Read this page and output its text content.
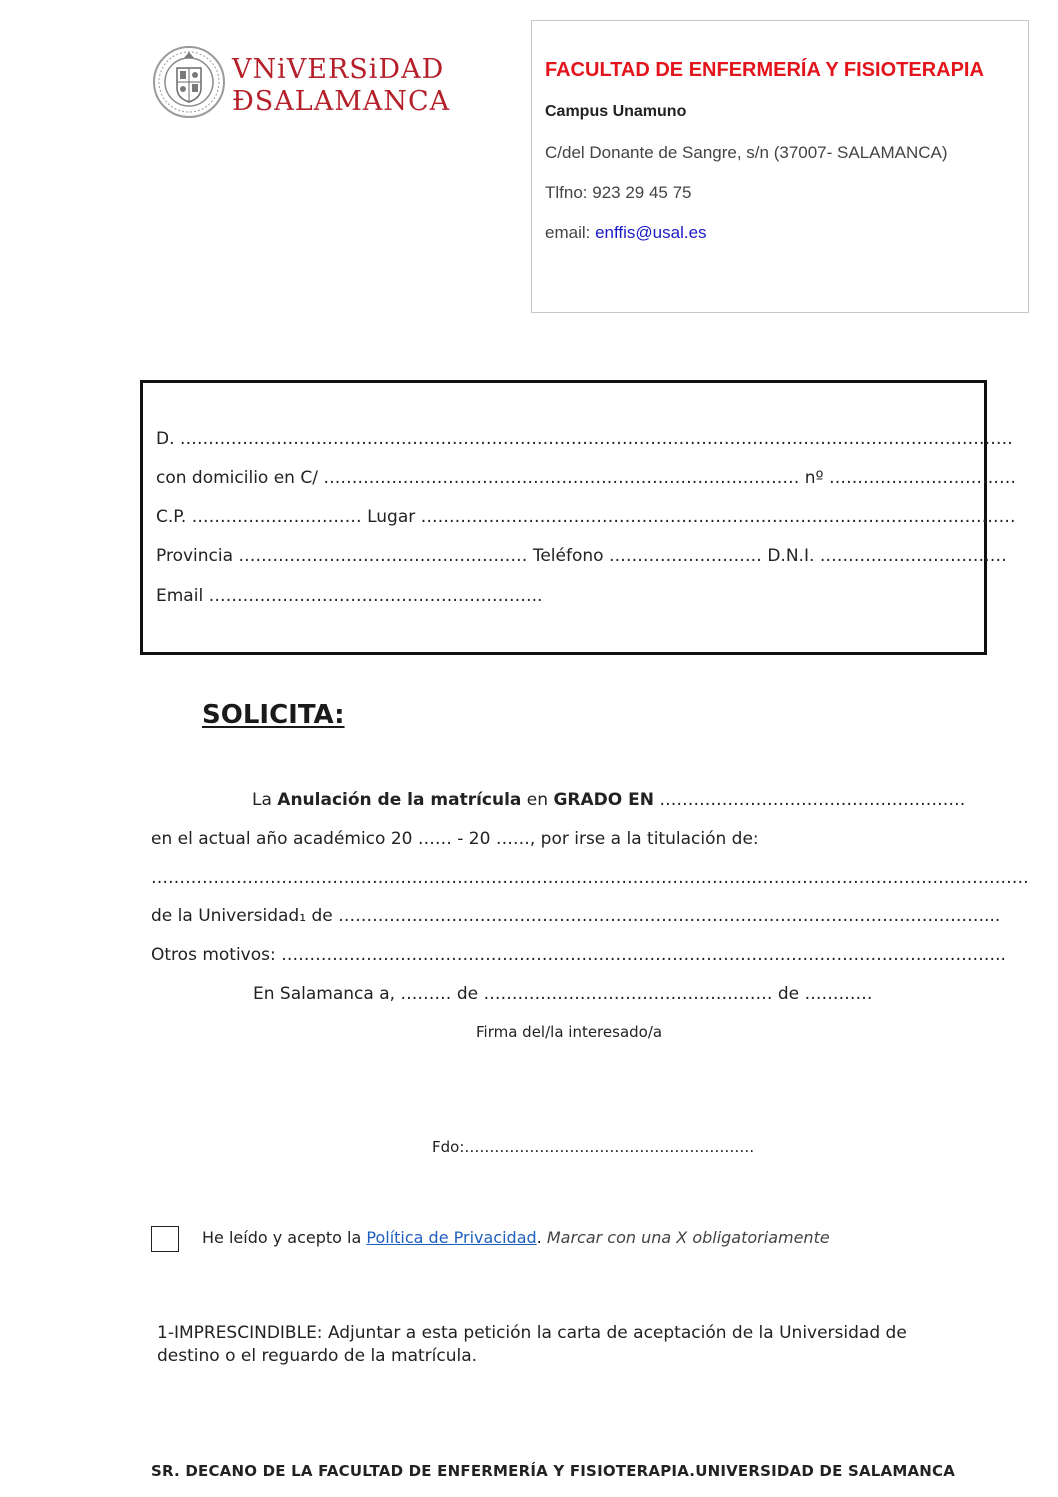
VNiVERSiDAD
ÐSALAMANCA
FACULTAD DE ENFERMERÍA Y FISIOTERAPIA
Campus Unamuno
C/del Donante de Sangre, s/n (37007- SALAMANCA)
Tlfno: 923 29 45 75
email: enffis@usal.es
D. …………………………………………………………………………………………………………………………………
con domicilio en C/ ………………………………………………………………………… nº ……………………………
C.P. ………………………… Lugar ……………………………………………………………………………………………
Provincia …………………………………………… Teléfono ……………………… D.N.I. ……………………………
Email …………………………………………………..
SOLICITA:
La Anulación de la matrícula en GRADO EN ………………………………………………
en el actual año académico 20 …… - 20 ……, por irse a la titulación de:
……………………………………………………………………………………………..…………………………………………
de la Universidad₁ de ……………………………………………………………………………………………………...
Otros motivos: ………………………………………………………………………………………………………………..
En Salamanca a, ……… de …………………………………………… de …………
Firma del/la interesado/a
Fdo:………………………………………………….
He leído y acepto la Política de Privacidad. Marcar con una X obligatoriamente
1-IMPRESCINDIBLE: Adjuntar a esta petición la carta de aceptación de la Universidad de destino o el reguardo de la matrícula.
SR. DECANO DE LA FACULTAD DE ENFERMERÍA Y FISIOTERAPIA.UNIVERSIDAD DE SALAMANCA
